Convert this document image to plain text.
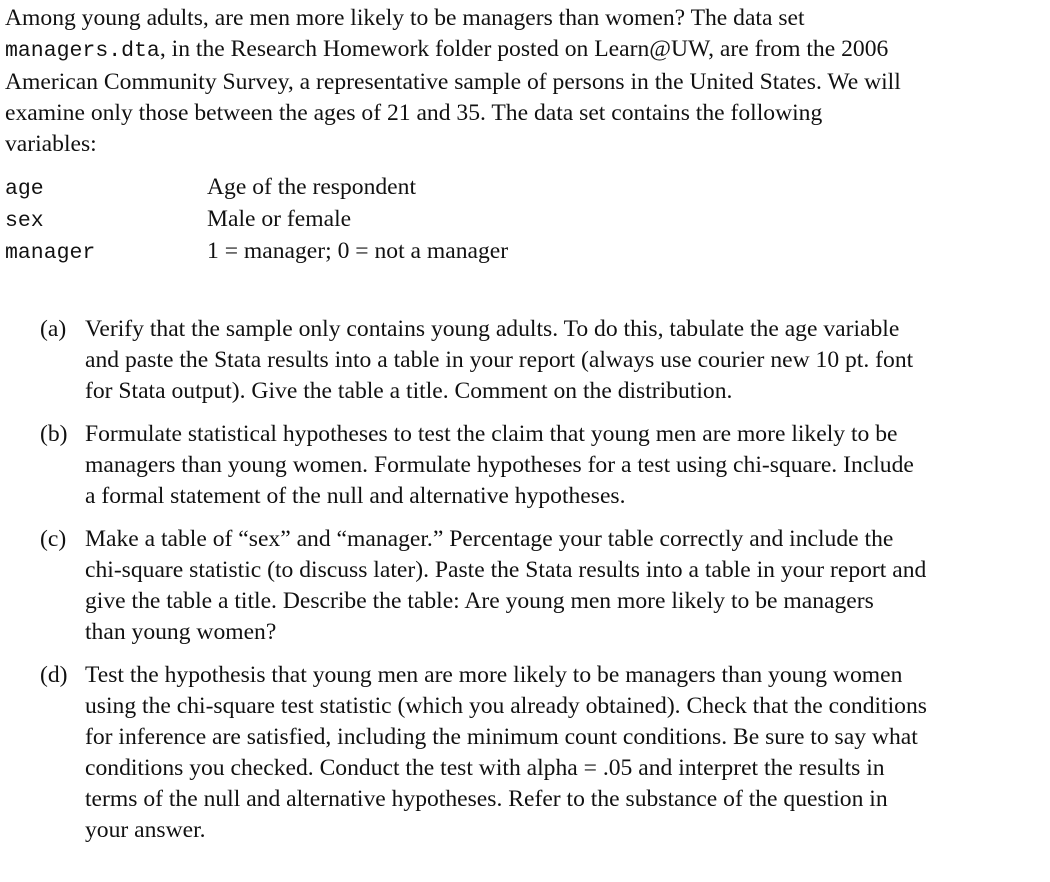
Among young adults, are men more likely to be managers than women? The data set
managers.dta, in the Research Homework folder posted on Learn@UW, are from the 2006
American Community Survey, a representative sample of persons in the United States. We will
examine only those between the ages of 21 and 35. The data set contains the following
variables:
age	Age of the respondent
sex	Male or female
manager	1 = manager; 0 = not a manager
(a) Verify that the sample only contains young adults. To do this, tabulate the age variable
and paste the Stata results into a table in your report (always use courier new 10 pt. font
for Stata output). Give the table a title. Comment on the distribution.
(b) Formulate statistical hypotheses to test the claim that young men are more likely to be
managers than young women. Formulate hypotheses for a test using chi-square. Include
a formal statement of the null and alternative hypotheses.
(c) Make a table of “sex” and “manager.” Percentage your table correctly and include the
chi-square statistic (to discuss later). Paste the Stata results into a table in your report and
give the table a title. Describe the table: Are young men more likely to be managers
than young women?
(d) Test the hypothesis that young men are more likely to be managers than young women
using the chi-square test statistic (which you already obtained). Check that the conditions
for inference are satisfied, including the minimum count conditions. Be sure to say what
conditions you checked. Conduct the test with alpha = .05 and interpret the results in
terms of the null and alternative hypotheses. Refer to the substance of the question in
your answer.
